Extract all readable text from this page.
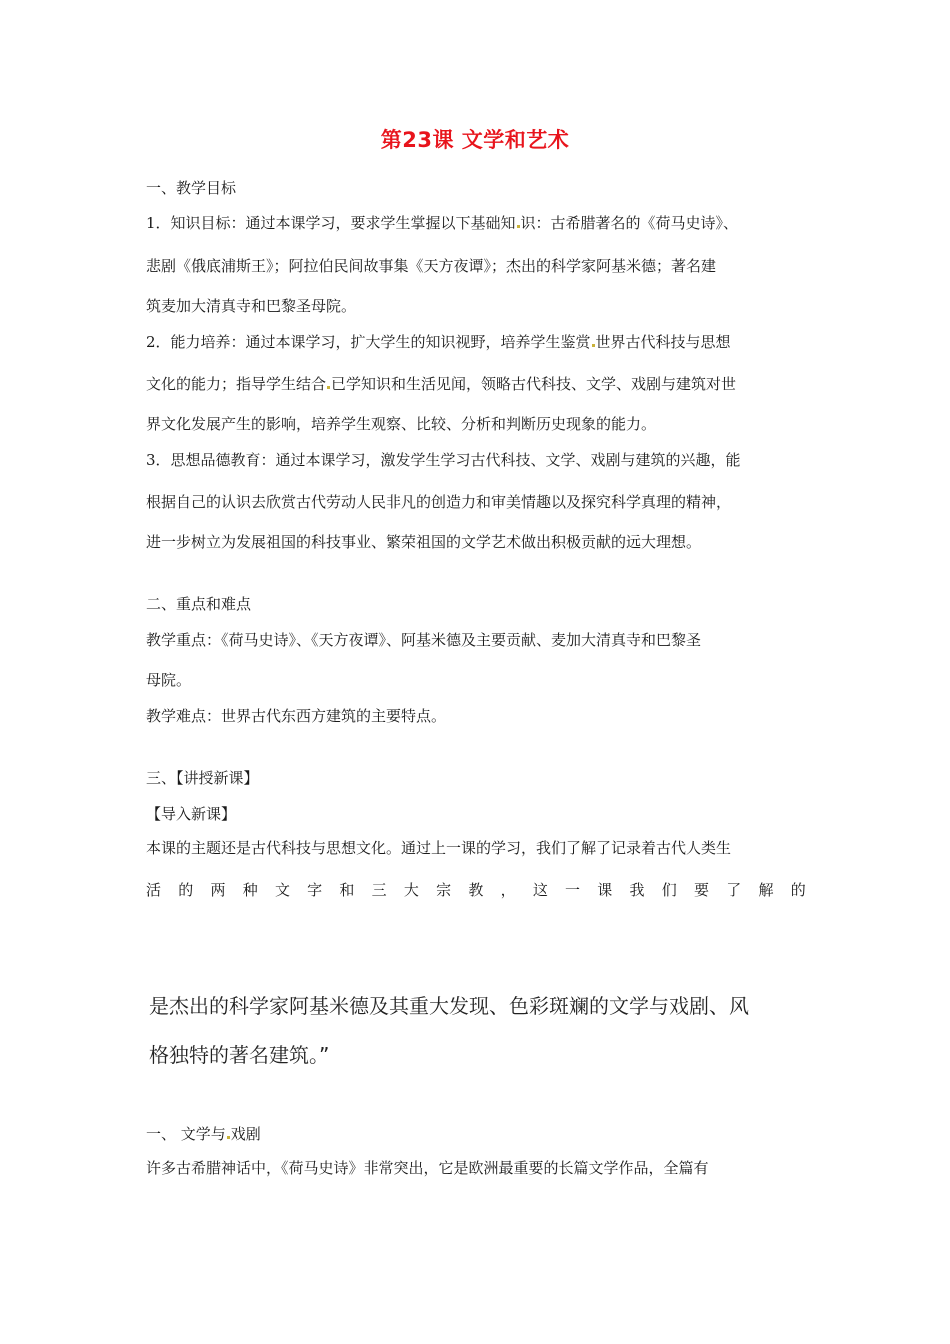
第23课 文学和艺术
一、教学目标
1．知识目标：通过本课学习，要求学生掌握以下基础知 识：古希腊著名的《荷马史诗》、
悲剧《俄底浦斯王》；阿拉伯民间故事集《天方夜谭》；杰出的科学家阿基米德；著名建
筑麦加大清真寺和巴黎圣母院。
2．能力培养：通过本课学习，扩大学生的知识视野，培养学生鉴赏 世界古代科技与思想
文化的能力；指导学生结合 已学知识和生活见闻，领略古代科技、文学、戏剧与建筑对世
界文化发展产生的影响，培养学生观察、比较、分析和判断历史现象的能力。
3．思想品德教育：通过本课学习，激发学生学习古代科技、文学、戏剧与建筑的兴趣，能
根据自己的认识去欣赏古代劳动人民非凡的创造力和审美情趣以及探究科学真理的精神，
进一步树立为发展祖国的科技事业、繁荣祖国的文学艺术做出积极贡献的远大理想。
二、重点和难点
教学重点：《荷马史诗》、《天方夜谭》、阿基米德及主要贡献、麦加大清真寺和巴黎圣
母院。
教学难点：世界古代东西方建筑的主要特点。
三、【讲授新课】
【导入新课】
本课的主题还是古代科技与思想文化。通过上一课的学习，我们了解了记录着古代人类生
活 的 两 种 文 字 和 三 大 宗 教 ， 这 一 课 我 们 要 了 解 的
是杰出的科学家阿基米德及其重大发现、色彩斑斓的文学与戏剧、风
格独特的著名建筑。”
一、 文学与 戏剧
许多古希腊神话中，《荷马史诗》非常突出，它是欧洲最重要的长篇文学作品，全篇有
